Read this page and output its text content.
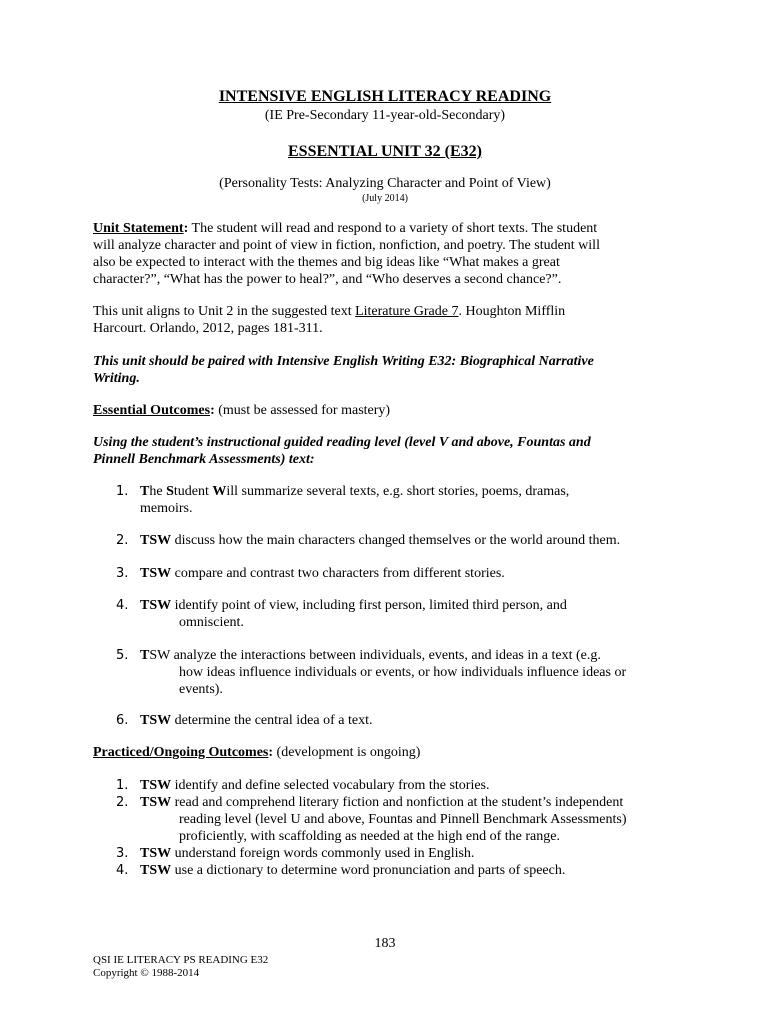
INTENSIVE ENGLISH LITERACY READING
(IE Pre-Secondary 11-year-old-Secondary)
ESSENTIAL UNIT 32 (E32)
(Personality Tests: Analyzing Character and Point of View)
(July 2014)
Unit Statement: The student will read and respond to a variety of short texts. The student
will analyze character and point of view in fiction, nonfiction, and poetry. The student will
also be expected to interact with the themes and big ideas like “What makes a great
character?”, “What has the power to heal?”, and “Who deserves a second chance?”.
This unit aligns to Unit 2 in the suggested text Literature Grade 7. Houghton Mifflin
Harcourt. Orlando, 2012, pages 181-311.
This unit should be paired with Intensive English Writing E32: Biographical Narrative
Writing.
Essential Outcomes: (must be assessed for mastery)
Using the student’s instructional guided reading level (level V and above, Fountas and
Pinnell Benchmark Assessments) text:
1. The Student Will summarize several texts, e.g. short stories, poems, dramas,
memoirs.
2. TSW discuss how the main characters changed themselves or the world around them.
3. TSW compare and contrast two characters from different stories.
4. TSW identify point of view, including first person, limited third person, and
omniscient.
5. TSW analyze the interactions between individuals, events, and ideas in a text (e.g.
how ideas influence individuals or events, or how individuals influence ideas or
events).
6. TSW determine the central idea of a text.
Practiced/Ongoing Outcomes: (development is ongoing)
1. TSW identify and define selected vocabulary from the stories.
2. TSW read and comprehend literary fiction and nonfiction at the student’s independent
reading level (level U and above, Fountas and Pinnell Benchmark Assessments)
proficiently, with scaffolding as needed at the high end of the range.
3. TSW understand foreign words commonly used in English.
4. TSW use a dictionary to determine word pronunciation and parts of speech.
183
QSI IE LITERACY PS READING E32
Copyright © 1988-2014
